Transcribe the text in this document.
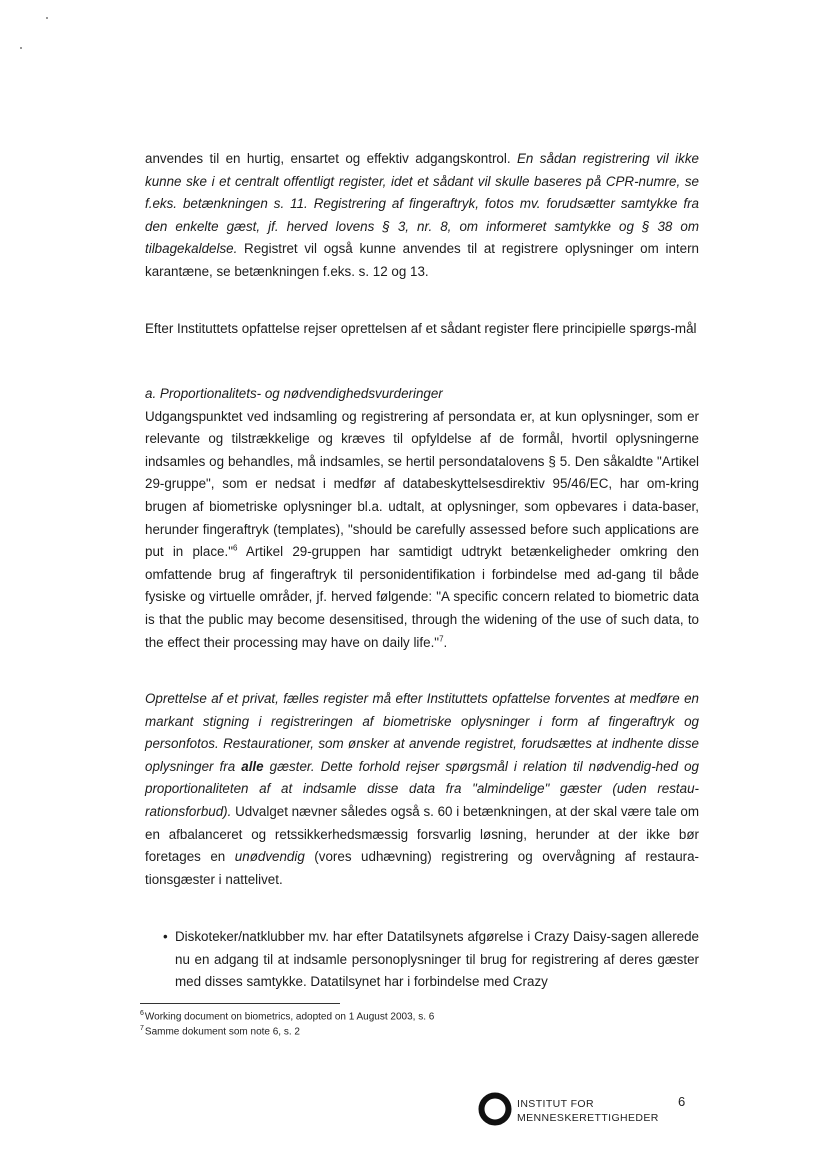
anvendes til en hurtig, ensartet og effektiv adgangskontrol. En sådan registrering vil ikke kunne ske i et centralt offentligt register, idet et sådant vil skulle baseres på CPR-numre, se f.eks. betænkningen s. 11. Registrering af fingeraftryk, fotos mv. forudsætter samtykke fra den enkelte gæst, jf. herved lovens § 3, nr. 8, om informeret samtykke og § 38 om tilbagekaldelse. Registret vil også kunne anvendes til at registrere oplysninger om intern karantæne, se betænkningen f.eks. s. 12 og 13.

Efter Instituttets opfattelse rejser oprettelsen af et sådant register flere principielle spørgs-mål

a. Proportionalitets- og nødvendighedsvurderinger

Udgangspunktet ved indsamling og registrering af persondata er, at kun oplysninger, som er relevante og tilstrækkelige og kræves til opfyldelse af de formål, hvortil oplysningerne indsamles og behandles, må indsamles, se hertil persondatalovens § 5. Den såkaldte "Artikel 29-gruppe", som er nedsat i medfør af databeskyttelsesdirektiv 95/46/EC, har om-kring brugen af biometriske oplysninger bl.a. udtalt, at oplysninger, som opbevares i data-baser, herunder fingeraftryk (templates), "should be carefully assessed before such applications are put in place."$^6$ Artikel 29-gruppen har samtidigt udtrykt betænkeligheder omkring den omfattende brug af fingeraftryk til personidentifikation i forbindelse med ad-gang til både fysiske og virtuelle områder, jf. herved følgende: "A specific concern related to biometric data is that the public may become desensitised, through the widening of the use of such data, to the effect their processing may have on daily life."$^7$.

Oprettelse af et privat, fælles register må efter Instituttets opfattelse forventes at medføre en markant stigning i registreringen af biometriske oplysninger i form af fingeraftryk og personfotos. Restaurationer, som ønsker at anvende registret, forudsættes at indhente disse oplysninger fra alle gæster. Dette forhold rejser spørgsmål i relation til nødvendig-hed og proportionaliteten af at indsamle disse data fra "almindelige" gæster (uden restau-rationsforbud). Udvalget nævner således også s. 60 i betænkningen, at der skal være tale om en afbalanceret og retssikkerhedsmæssig forsvarlig løsning, herunder at der ikke bør foretages en unødvendig (vores udhævning) registrering og overvågning af restaura-tionsgæster i nattelivet.

• Diskoteker/natklubber mv. har efter Datatilsynets afgørelse i Crazy Daisy-sagen allerede nu en adgang til at indsamle personoplysninger til brug for registrering af deres gæster med disses samtykke. Datatilsynet har i forbindelse med Crazy

$^6$Working document on biometrics, adopted on 1 August 2003, s. 6
$^7$Samme dokument som note 6, s. 2
INSTITUT FOR
MENNESKERETTIGHEDER
6
